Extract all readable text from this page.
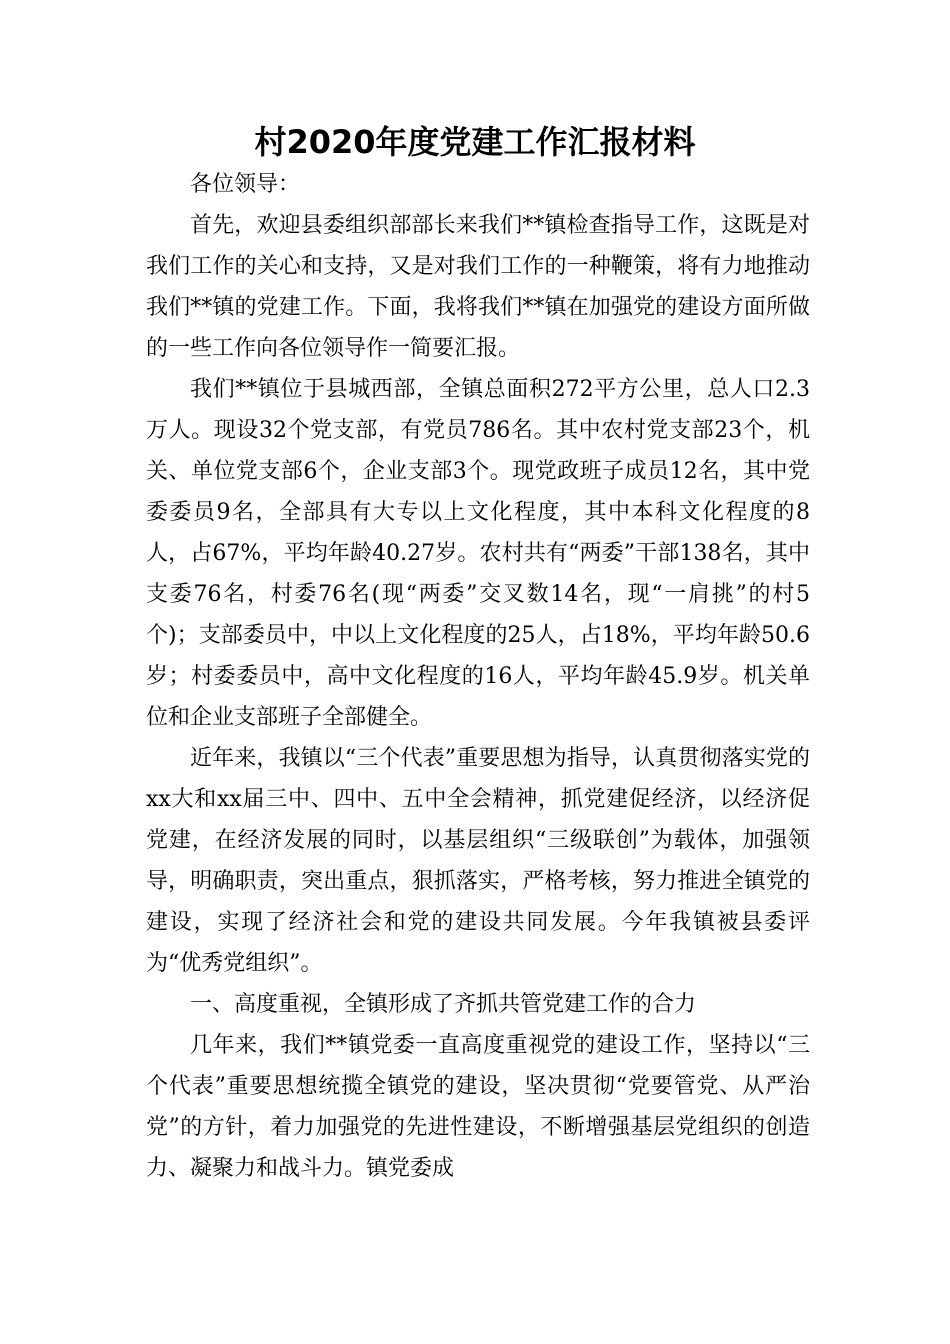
村2020年度党建工作汇报材料

各位领导：

首先，欢迎县委组织部部长来我们**镇检查指导工作，这既是对我们工作的关心和支持，又是对我们工作的一种鞭策，将有力地推动我们**镇的党建工作。下面，我将我们**镇在加强党的建设方面所做的一些工作向各位领导作一简要汇报。

我们**镇位于县城西部，全镇总面积272平方公里，总人口2.3万人。现设32个党支部，有党员786名。其中农村党支部23个，机关、单位党支部6个，企业支部3个。现党政班子成员12名，其中党委委员9名，全部具有大专以上文化程度，其中本科文化程度的8人，占67%，平均年龄40.27岁。农村共有“两委”干部138名，其中支委76名，村委76名(现“两委”交叉数14名，现“一肩挑”的村5个)；支部委员中，中以上文化程度的25人，占18%，平均年龄50.6岁；村委委员中，高中文化程度的16人，平均年龄45.9岁。机关单位和企业支部班子全部健全。

近年来，我镇以“三个代表”重要思想为指导，认真贯彻落实党的xx大和xx届三中、四中、五中全会精神，抓党建促经济，以经济促党建，在经济发展的同时，以基层组织“三级联创”为载体，加强领导，明确职责，突出重点，狠抓落实，严格考核，努力推进全镇党的建设，实现了经济社会和党的建设共同发展。今年我镇被县委评为“优秀党组织”。

一、高度重视，全镇形成了齐抓共管党建工作的合力

几年来，我们**镇党委一直高度重视党的建设工作，坚持以“三个代表”重要思想统揽全镇党的建设，坚决贯彻“党要管党、从严治党”的方针，着力加强党的先进性建设，不断增强基层党组织的创造力、凝聚力和战斗力。镇党委成
